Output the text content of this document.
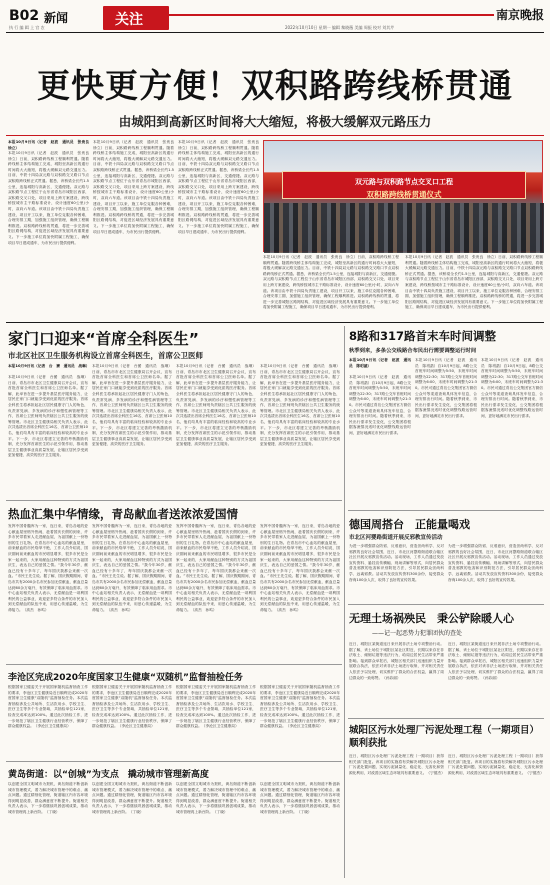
B02 新闻
执 行 编 辑 上 官 农	关注	南京晚报
2022年10月10日 星期一 编辑 黎晓薇 美编 周振 校对 刘其芹
更快更方便！双积路跨线桥贯通
由城阳到高新区时间将大大缩短，将极大缓解双元路压力
本报10月9日讯（记者　赵波　通讯员　张贵良　徐立）
本报10月9日讯（记者　赵波　通讯员　张贵良　徐立）日前，双积路跨线桥工程顺利贯通。随着跨线桥主体结构施工完成，城阳至高新区的通行时间将大大缩短，将极大缓解双元路交通压力。目前，中铁十四局双元路与双积路交叉路口节点双积路跨线桥正式贯通。据悉，该桥梁全长约1.5公里，连接城阳与高新区，交通便捷。双元路与双积路节点工程位于山东省青岛市城阳区西部，双积路交叉口处，项目采用上跨方案建设，跨线桥按城市主干路标准设计，设计速度60公里/小时，双向六车道。该项目由中铁十四局负责施工建设，项目开工以来，施工单位克服各种困难，合理安排工期，加强施工组织管理，确保工程顺利推进。双积路跨线桥的贯通，将进一步完善城阳区路网结构，对促进区域经济发展具有重要意义。下一步施工单位将加快附属工程施工，确保项目早日建成通车，为市民出行提供便利。
本报10月9日讯（记者　赵波　通讯员　张贵良　徐立）日前，双积路跨线桥工程顺利贯通。随着跨线桥主体结构施工完成，城阳至高新区的通行时间将大大缩短，将极大缓解双元路交通压力。目前，中铁十四局双元路与双积路交叉路口节点双积路跨线桥正式贯通。据悉，该桥梁全长约1.5公里，连接城阳与高新区，交通便捷。双元路与双积路节点工程位于山东省青岛市城阳区西部，双积路交叉口处，项目采用上跨方案建设，跨线桥按城市主干路标准设计，设计速度60公里/小时，双向六车道。该项目由中铁十四局负责施工建设，项目开工以来，施工单位克服各种困难，合理安排工期，加强施工组织管理，确保工程顺利推进。双积路跨线桥的贯通，将进一步完善城阳区路网结构，对促进区域经济发展具有重要意义。下一步施工单位将加快附属工程施工，确保项目早日建成通车，为市民出行提供便利。
本报10月9日讯（记者　赵波　通讯员　张贵良　徐立）日前，双积路跨线桥工程顺利贯通。随着跨线桥主体结构施工完成，城阳至高新区的通行时间将大大缩短，将极大缓解双元路交通压力。目前，中铁十四局双元路与双积路交叉路口节点双积路跨线桥正式贯通。据悉，该桥梁全长约1.5公里，连接城阳与高新区，交通便捷。双元路与双积路节点工程位于山东省青岛市城阳区西部，双积路交叉口处，项目采用上跨方案建设，跨线桥按城市主干路标准设计，设计速度60公里/小时，双向六车道。该项目由中铁十四局负责施工建设，项目开工以来，施工单位克服各种困难，合理安排工期，加强施工组织管理，确保工程顺利推进。双积路跨线桥的贯通，将进一步完善城阳区路网结构，对促进区域经济发展具有重要意义。下一步施工单位将加快附属工程施工，确保项目早日建成通车，为市民出行提供便利。
双元路与双积路节点交叉口工程
双积路跨线桥贯通仪式
本报10月9日讯（记者　赵波　通讯员　张贵良　徐立）日前，双积路跨线桥工程顺利贯通。随着跨线桥主体结构施工完成，城阳至高新区的通行时间将大大缩短，将极大缓解双元路交通压力。目前，中铁十四局双元路与双积路交叉路口节点双积路跨线桥正式贯通。据悉，该桥梁全长约1.5公里，连接城阳与高新区，交通便捷。双元路与双积路节点工程位于山东省青岛市城阳区西部，双积路交叉口处，项目采用上跨方案建设，跨线桥按城市主干路标准设计，设计速度60公里/小时，双向六车道。该项目由中铁十四局负责施工建设，项目开工以来，施工单位克服各种困难，合理安排工期，加强施工组织管理，确保工程顺利推进。双积路跨线桥的贯通，将进一步完善城阳区路网结构，对促进区域经济发展具有重要意义。下一步施工单位将加快附属工程施工，确保项目早日建成通车，为市民出行提供便利。
本报10月9日讯（记者　赵波　通讯员　张贵良　徐立）日前，双积路跨线桥工程顺利贯通。随着跨线桥主体结构施工完成，城阳至高新区的通行时间将大大缩短，将极大缓解双元路交通压力。目前，中铁十四局双元路与双积路交叉路口节点双积路跨线桥正式贯通。据悉，该桥梁全长约1.5公里，连接城阳与高新区，交通便捷。双元路与双积路节点工程位于山东省青岛市城阳区西部，双积路交叉口处，项目采用上跨方案建设，跨线桥按城市主干路标准设计，设计速度60公里/小时，双向六车道。该项目由中铁十四局负责施工建设，项目开工以来，施工单位克服各种困难，合理安排工期，加强施工组织管理，确保工程顺利推进。双积路跨线桥的贯通，将进一步完善城阳区路网结构，对促进区域经济发展具有重要意义。下一步施工单位将加快附属工程施工，确保项目早日建成通车，为市民出行提供便利。
家门口迎来“首席全科医生”
市北区社区卫生服务机构设立首席全科医生，首席公卫医师
本报10月9日讯（记者　台　赟　通讯员　战琳）
本报10月9日讯（记者　台赟　通讯员　战琳）日前，青岛市市北区卫生健康局召开会议，宣布首批首席全科医生和首席公卫医师名单。据了解，此举旨在进一步提升基层医疗服务能力，让居民在家门口就能享受到优质的医疗服务。首席全科医生将承担起社区居民健康守门人的角色，负责常见病、多发病的诊疗和慢性病管理等工作，首席公卫医师则负责辖区公共卫生服务的统筹管理。市北区卫生健康局相关负责人表示，此次共选拔出首席全科医生16名、首席公卫医师10名，他们均具有丰富的临床经验和较高的专业水平。下一步，市北区将建立完善的考核激励机制，充分发挥首席医生的示范引领作用，推动基层卫生健康事业高质量发展，让辖区居民享受到更加便捷、高效的医疗卫生服务。
本报10月9日讯（记者　台赟　通讯员　战琳）日前，青岛市市北区卫生健康局召开会议，宣布首批首席全科医生和首席公卫医师名单。据了解，此举旨在进一步提升基层医疗服务能力，让居民在家门口就能享受到优质的医疗服务。首席全科医生将承担起社区居民健康守门人的角色，负责常见病、多发病的诊疗和慢性病管理等工作，首席公卫医师则负责辖区公共卫生服务的统筹管理。市北区卫生健康局相关负责人表示，此次共选拔出首席全科医生16名、首席公卫医师10名，他们均具有丰富的临床经验和较高的专业水平。下一步，市北区将建立完善的考核激励机制，充分发挥首席医生的示范引领作用，推动基层卫生健康事业高质量发展，让辖区居民享受到更加便捷、高效的医疗卫生服务。
本报10月9日讯（记者　台赟　通讯员　战琳）日前，青岛市市北区卫生健康局召开会议，宣布首批首席全科医生和首席公卫医师名单。据了解，此举旨在进一步提升基层医疗服务能力，让居民在家门口就能享受到优质的医疗服务。首席全科医生将承担起社区居民健康守门人的角色，负责常见病、多发病的诊疗和慢性病管理等工作，首席公卫医师则负责辖区公共卫生服务的统筹管理。市北区卫生健康局相关负责人表示，此次共选拔出首席全科医生16名、首席公卫医师10名，他们均具有丰富的临床经验和较高的专业水平。下一步，市北区将建立完善的考核激励机制，充分发挥首席医生的示范引领作用，推动基层卫生健康事业高质量发展，让辖区居民享受到更加便捷、高效的医疗卫生服务。
本报10月9日讯（记者　台赟　通讯员　战琳）日前，青岛市市北区卫生健康局召开会议，宣布首批首席全科医生和首席公卫医师名单。据了解，此举旨在进一步提升基层医疗服务能力，让居民在家门口就能享受到优质的医疗服务。首席全科医生将承担起社区居民健康守门人的角色，负责常见病、多发病的诊疗和慢性病管理等工作，首席公卫医师则负责辖区公共卫生服务的统筹管理。市北区卫生健康局相关负责人表示，此次共选拔出首席全科医生16名、首席公卫医师10名，他们均具有丰富的临床经验和较高的专业水平。下一步，市北区将建立完善的考核激励机制，充分发挥首席医生的示范引领作用，推动基层卫生健康事业高质量发展，让辖区居民享受到更加便捷、高效的医疗卫生服务。
8路和317路首末车时间调整
秋季到来，多条公交线路合布民出行需要调整运行时间
本报10月9日讯（记者　赵波　通讯员　陈玥菡）
本报10月9日讯（记者　赵波　通讯员　陈玥菡）自10月9日起，8路公交首班车时间调整为5:50，末班车时间调整为22:30；317路公交车首班时间调整为6:00，末班车时间调整为21:30。市民可通过青岛公交集团官方微信公众号等渠道查询具体发车信息，合理安排出行时间。随着秋季到来，市民出行需求发生变化，公交集团将根据客流情况适时优化调整线路运营时间，更好地满足市民出行需求。
本报10月9日讯（记者　赵波　通讯员　陈玥菡）自10月9日起，8路公交首班车时间调整为5:50，末班车时间调整为22:30；317路公交车首班时间调整为6:00，末班车时间调整为21:30。市民可通过青岛公交集团官方微信公众号等渠道查询具体发车信息，合理安排出行时间。随着秋季到来，市民出行需求发生变化，公交集团将根据客流情况适时优化调整线路运营时间，更好地满足市民出行需求。
本报10月9日讯（记者　赵波　通讯员　陈玥菡）自10月9日起，8路公交首班车时间调整为5:50，末班车时间调整为22:30；317路公交车首班时间调整为6:00，末班车时间调整为21:30。市民可通过青岛公交集团官方微信公众号等渠道查询具体发车信息，合理安排出行时间。随着秋季到来，市民出行需求发生变化，公交集团将根据客流情况适时优化调整线路运营时间，更好地满足市民出行需求。
热血汇集中华情缘，青岛献血者送浓浓爱国情
发挥中国骨髓库为一家，连日来，青岛各地的爱心献血屋里格外热闹，趁着国庆长假的到来，许多市民带着家人走进献血屋，为祖国献上一份特别的生日礼物。在青岛市中心血站的献血屋里，前来献血的市民络绎不绝，工作人员介绍说，国庆期间前来献血的市民明显增多，很多市民是全家一起来的，大家用献血这种特别的方式为祖国庆生，表达自己的爱国之情。“我今年30岁，献血已经有十多年了，每年国庆我都会来献一次血。”市民王先生说。据了解，国庆假期期间，青岛市共有2000余名市民参加无偿献血，献血总量达到60余万毫升，有效保障了临床用血需求。市中心血站相关负责人表示，无偿献血是一项利国利民的公益事业，欢迎更多符合条件的市民加入到无偿献血的队伍中来，用爱心传递温暖，为生命接力。（高杰　孙鸣）
发挥中国骨髓库为一家，连日来，青岛各地的爱心献血屋里格外热闹，趁着国庆长假的到来，许多市民带着家人走进献血屋，为祖国献上一份特别的生日礼物。在青岛市中心血站的献血屋里，前来献血的市民络绎不绝，工作人员介绍说，国庆期间前来献血的市民明显增多，很多市民是全家一起来的，大家用献血这种特别的方式为祖国庆生，表达自己的爱国之情。“我今年30岁，献血已经有十多年了，每年国庆我都会来献一次血。”市民王先生说。据了解，国庆假期期间，青岛市共有2000余名市民参加无偿献血，献血总量达到60余万毫升，有效保障了临床用血需求。市中心血站相关负责人表示，无偿献血是一项利国利民的公益事业，欢迎更多符合条件的市民加入到无偿献血的队伍中来，用爱心传递温暖，为生命接力。（高杰　孙鸣）
发挥中国骨髓库为一家，连日来，青岛各地的爱心献血屋里格外热闹，趁着国庆长假的到来，许多市民带着家人走进献血屋，为祖国献上一份特别的生日礼物。在青岛市中心血站的献血屋里，前来献血的市民络绎不绝，工作人员介绍说，国庆期间前来献血的市民明显增多，很多市民是全家一起来的，大家用献血这种特别的方式为祖国庆生，表达自己的爱国之情。“我今年30岁，献血已经有十多年了，每年国庆我都会来献一次血。”市民王先生说。据了解，国庆假期期间，青岛市共有2000余名市民参加无偿献血，献血总量达到60余万毫升，有效保障了临床用血需求。市中心血站相关负责人表示，无偿献血是一项利国利民的公益事业，欢迎更多符合条件的市民加入到无偿献血的队伍中来，用爱心传递温暖，为生命接力。（高杰　孙鸣）
发挥中国骨髓库为一家，连日来，青岛各地的爱心献血屋里格外热闹，趁着国庆长假的到来，许多市民带着家人走进献血屋，为祖国献上一份特别的生日礼物。在青岛市中心血站的献血屋里，前来献血的市民络绎不绝，工作人员介绍说，国庆期间前来献血的市民明显增多，很多市民是全家一起来的，大家用献血这种特别的方式为祖国庆生，表达自己的爱国之情。“我今年30岁，献血已经有十多年了，每年国庆我都会来献一次血。”市民王先生说。据了解，国庆假期期间，青岛市共有2000余名市民参加无偿献血，献血总量达到60余万毫升，有效保障了临床用血需求。市中心血站相关负责人表示，无偿献血是一项利国利民的公益事业，欢迎更多符合条件的市民加入到无偿献血的队伍中来，用爱心传递温暖，为生命接力。（高杰　孙鸣）
德国周搭台　正能量喝戏
市北区河婴路街道开展反邪教宣传活动
为进一步增强群众防邪、反邪意识，营造崇尚科学、反对邪教的良好社会氛围，近日，市北区河婴路街道联合辖区社区开展反邪教宣传活动。活动现场，工作人员通过发放宣传资料、悬挂宣传横幅、现场讲解等形式，向居民群众普及邪教的危害和识别防范方法，引导居民群众崇尚科学、远离邪教。活动共发放宣传资料300余份，接受群众咨询100余人次，取得了良好的宣传效果。
为进一步增强群众防邪、反邪意识，营造崇尚科学、反对邪教的良好社会氛围，近日，市北区河婴路街道联合辖区社区开展反邪教宣传活动。活动现场，工作人员通过发放宣传资料、悬挂宣传横幅、现场讲解等形式，向居民群众普及邪教的危害和识别防范方法，引导居民群众崇尚科学、远离邪教。活动共发放宣传资料300余份，接受群众咨询100余人次，取得了良好的宣传效果。
无理土场祸殃民　秉公铲除暖人心
——记一起恶势力犯罪团伙的查处
近日，城阳区某街道连日来开展非法土场专项整治行动。据了解，该土场位于城阳区某社区附近，长期以来存在非法取土、倾倒垃圾等违法行为，给周边居民生活带来严重影响。接到群众举报后，城阳区相关部门迅速组织力量开展联合执法，依法对该非法土场进行取缔，并对相关责任人依法予以处理，切实维护了群众的合法权益，赢得了周边群众的一致称赞。（孙彩丽）
近日，城阳区某街道连日来开展非法土场专项整治行动。据了解，该土场位于城阳区某社区附近，长期以来存在非法取土、倾倒垃圾等违法行为，给周边居民生活带来严重影响。接到群众举报后，城阳区相关部门迅速组织力量开展联合执法，依法对该非法土场进行取缔，并对相关责任人依法予以处理，切实维护了群众的合法权益，赢得了周边群众的一致称赞。（孙彩丽）
城阳区污水处理厂污泥处理工程（一期项目）顺利获批
近日，城阳区污水处理厂污泥处理工程（一期项目）获得相关部门批复。该项目的实施将有效解决城阳区污水处理厂污泥处置问题，实现污泥减量化、稳定化、无害化和资源化利用，对改善区域生态环境具有重要意义。（宁德杰）
近日，城阳区污水处理厂污泥处理工程（一期项目）获得相关部门批复。该项目的实施将有效解决城阳区污水处理厂污泥处置问题，实现污泥减量化、稳定化、无害化和资源化利用，对改善区域生态环境具有重要意义。（宁德杰）
李沧区完成2020年度国家卫生健康“双随机”监督抽检任务
根据国家卫健委关于开展国家随机监督抽查工作的要求，李沧区卫生健康局近日顺利完成2020年度国家卫生健康“双随机”监督抽检任务。本次监督抽检涉及公共场所、生活饮用水、学校卫生、医疗卫生等多个专业领域，共抽检单位121家，检查完成率达到100%。通过此次抽检工作，进一步规范了辖区卫生健康行业经营秩序，保障了群众健康权益。（李沧区卫生健康局）
根据国家卫健委关于开展国家随机监督抽查工作的要求，李沧区卫生健康局近日顺利完成2020年度国家卫生健康“双随机”监督抽检任务。本次监督抽检涉及公共场所、生活饮用水、学校卫生、医疗卫生等多个专业领域，共抽检单位121家，检查完成率达到100%。通过此次抽检工作，进一步规范了辖区卫生健康行业经营秩序，保障了群众健康权益。（李沧区卫生健康局）
根据国家卫健委关于开展国家随机监督抽查工作的要求，李沧区卫生健康局近日顺利完成2020年度国家卫生健康“双随机”监督抽检任务。本次监督抽检涉及公共场所、生活饮用水、学校卫生、医疗卫生等多个专业领域，共抽检单位121家，检查完成率达到100%。通过此次抽检工作，进一步规范了辖区卫生健康行业经营秩序，保障了群众健康权益。（李沧区卫生健康局）
根据国家卫健委关于开展国家随机监督抽查工作的要求，李沧区卫生健康局近日顺利完成2020年度国家卫生健康“双随机”监督抽检任务。本次监督抽检涉及公共场所、生活饮用水、学校卫生、医疗卫生等多个专业领域，共抽检单位121家，检查完成率达到100%。通过此次抽检工作，进一步规范了辖区卫生健康行业经营秩序，保障了群众健康权益。（李沧区卫生健康局）
黄岛街道：以“创城”为支点　撬动城市管理新高度
以创建全国文明城市为契机，黄岛街道不断创新城市管理模式，着力解决城市管理中的难点、痛点问题。通过精细化管理，街道辖区内市容环境得到明显改善，群众满意度不断提升。街道相关负责人表示，下一步将继续巩固创城成果，推动城市管理再上新台阶。（丁晓）
以创建全国文明城市为契机，黄岛街道不断创新城市管理模式，着力解决城市管理中的难点、痛点问题。通过精细化管理，街道辖区内市容环境得到明显改善，群众满意度不断提升。街道相关负责人表示，下一步将继续巩固创城成果，推动城市管理再上新台阶。（丁晓）
以创建全国文明城市为契机，黄岛街道不断创新城市管理模式，着力解决城市管理中的难点、痛点问题。通过精细化管理，街道辖区内市容环境得到明显改善，群众满意度不断提升。街道相关负责人表示，下一步将继续巩固创城成果，推动城市管理再上新台阶。（丁晓）
以创建全国文明城市为契机，黄岛街道不断创新城市管理模式，着力解决城市管理中的难点、痛点问题。通过精细化管理，街道辖区内市容环境得到明显改善，群众满意度不断提升。街道相关负责人表示，下一步将继续巩固创城成果，推动城市管理再上新台阶。（丁晓）
